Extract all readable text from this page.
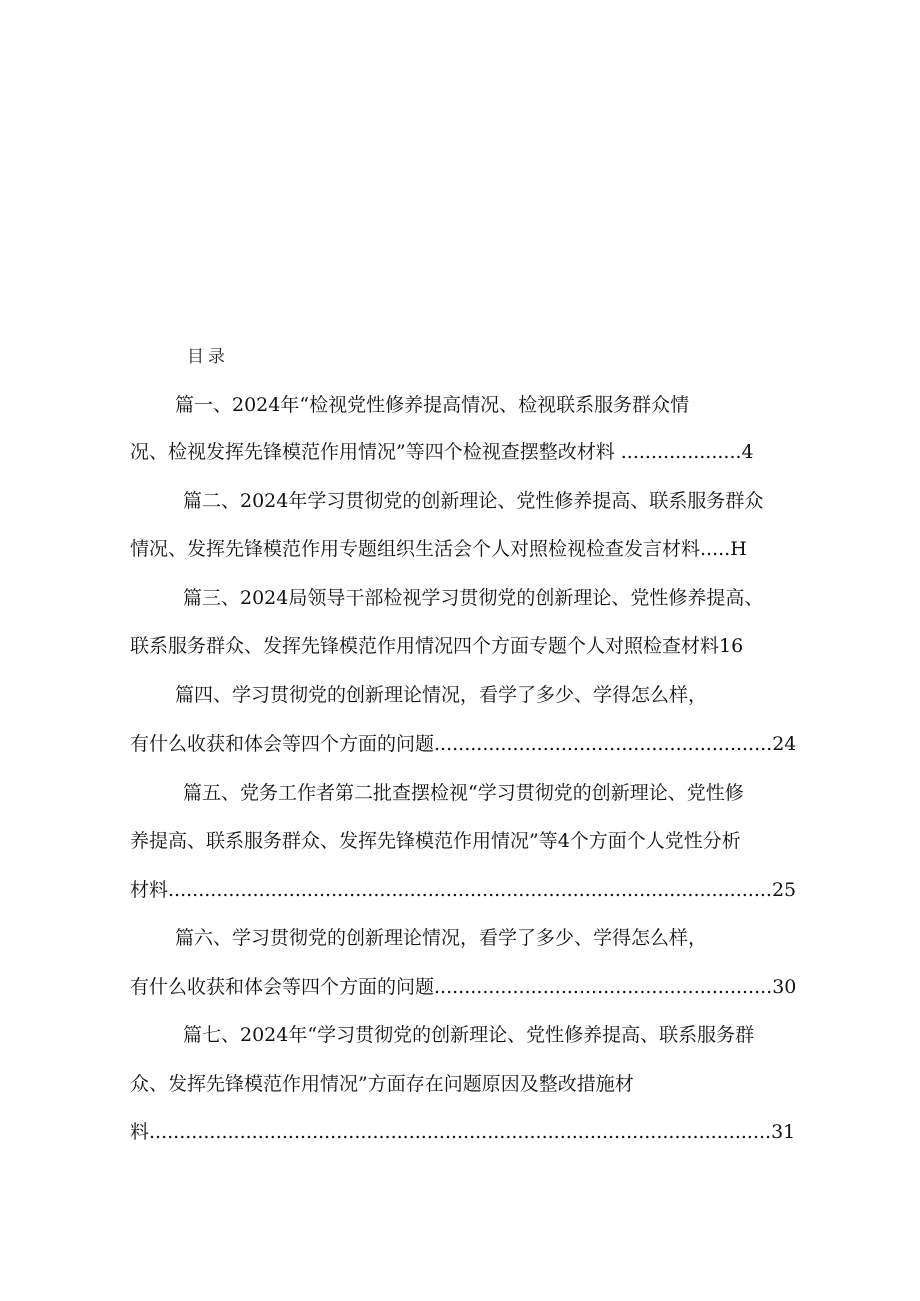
目录
篇一、2024年“检视党性修养提高情况、检视联系服务群众情
况、检视发挥先锋模范作用情况”等四个检视查摆整改材料 ....................4
篇二、2024年学习贯彻党的创新理论、党性修养提高、联系服务群众
情况、发挥先锋模范作用专题组织生活会个人对照检视检查发言材料.....H
篇三、2024局领导干部检视学习贯彻党的创新理论、党性修养提高、
联系服务群众、发挥先锋模范作用情况四个方面专题个人对照检查材料16
篇四、学习贯彻党的创新理论情况，看学了多少、学得怎么样，
有什么收获和体会等四个方面的问题........................................................24
篇五、党务工作者第二批查摆检视“学习贯彻党的创新理论、党性修
养提高、联系服务群众、发挥先锋模范作用情况”等4个方面个人党性分析
材料....................................................................................................25
篇六、学习贯彻党的创新理论情况，看学了多少、学得怎么样，
有什么收获和体会等四个方面的问题........................................................30
篇七、2024年“学习贯彻党的创新理论、党性修养提高、联系服务群
众、发挥先锋模范作用情况”方面存在问题原因及整改措施材
料.......................................................................................................31
